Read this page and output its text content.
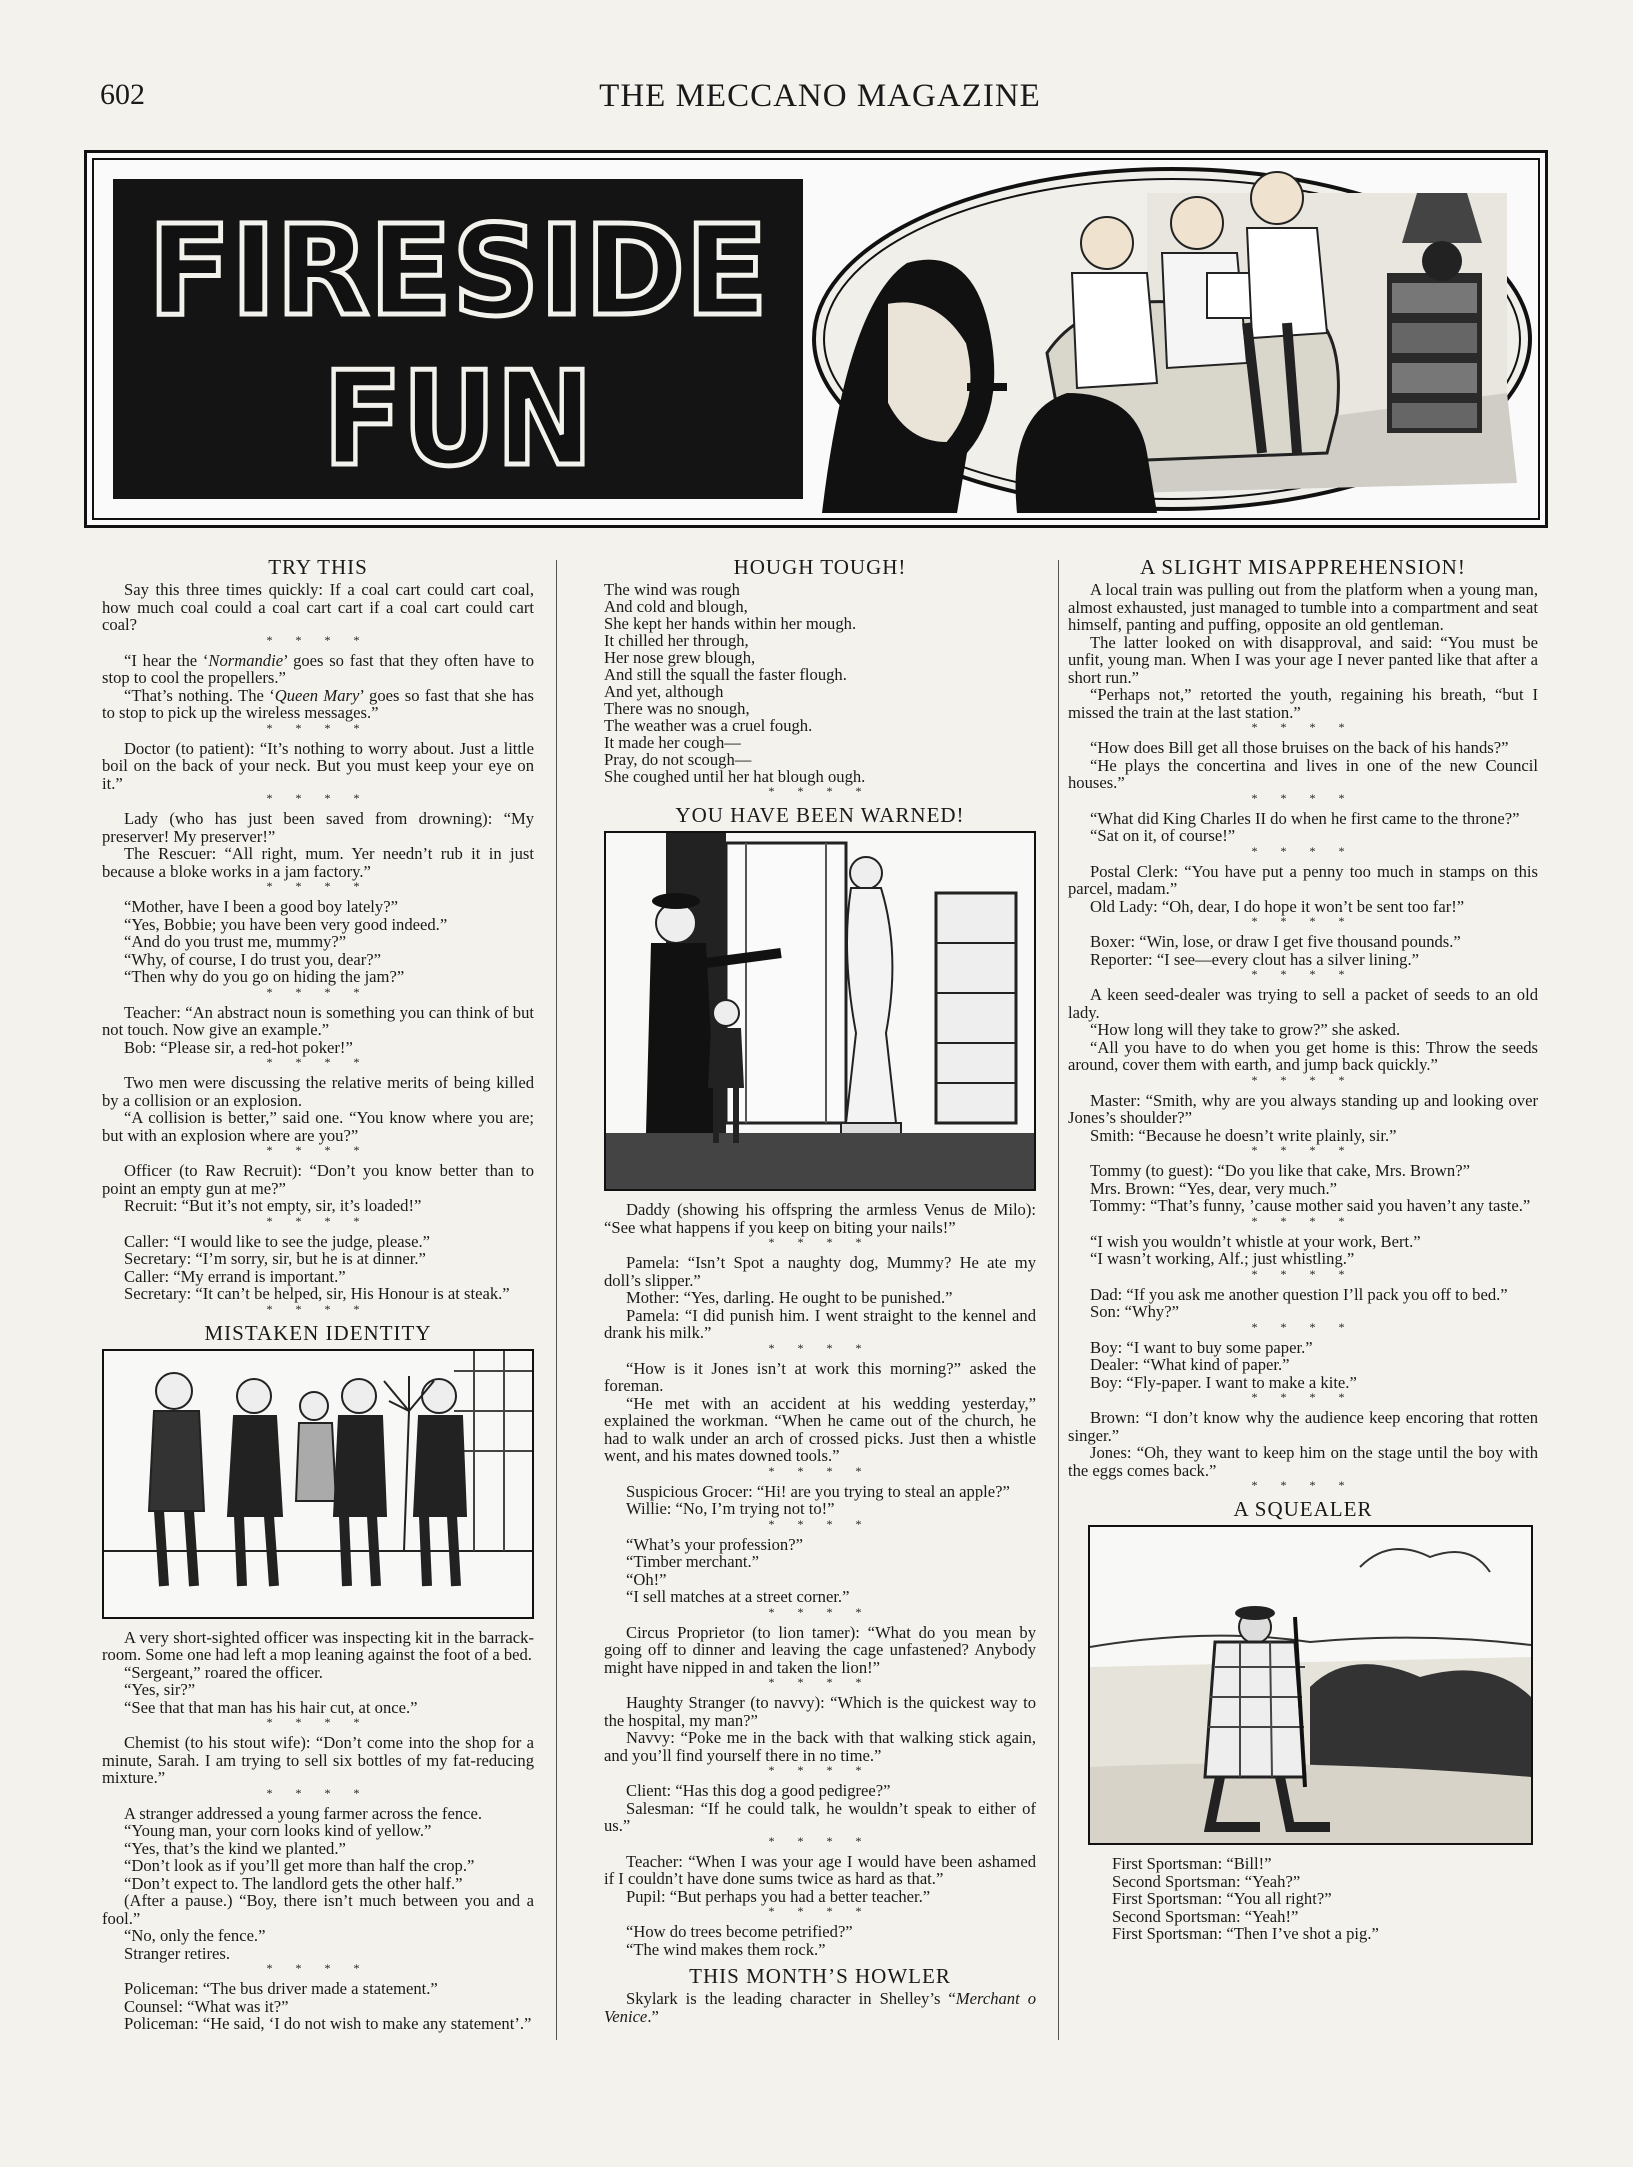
602	THE MECCANO MAGAZINE
FIRESIDE
FUN
TRY THIS

Say this three times quickly: If a coal cart could cart coal, how much coal could a coal cart cart if a coal cart could cart coal?

* * * *

“I hear the ‘Normandie’ goes so fast that they often have to stop to cool the propellers.”

“That’s nothing. The ‘Queen Mary’ goes so fast that she has to stop to pick up the wireless messages.”

* * * *

Doctor (to patient): “It’s nothing to worry about. Just a little boil on the back of your neck. But you must keep your eye on it.”

* * * *

Lady (who has just been saved from drowning): “My preserver! My preserver!”

The Rescuer: “All right, mum. Yer needn’t rub it in just because a bloke works in a jam factory.”

* * * *

“Mother, have I been a good boy lately?”

“Yes, Bobbie; you have been very good indeed.”

“And do you trust me, mummy?”

“Why, of course, I do trust you, dear?”

“Then why do you go on hiding the jam?”

* * * *

Teacher: “An abstract noun is something you can think of but not touch. Now give an example.”

Bob: “Please sir, a red-hot poker!”

* * * *

Two men were discussing the relative merits of being killed by a collision or an explosion.

“A collision is better,” said one. “You know where you are; but with an explosion where are you?”

* * * *

Officer (to Raw Recruit): “Don’t you know better than to point an empty gun at me?”

Recruit: “But it’s not empty, sir, it’s loaded!”

* * * *

Caller: “I would like to see the judge, please.”

Secretary: “I’m sorry, sir, but he is at dinner.”

Caller: “My errand is important.”

Secretary: “It can’t be helped, sir, His Honour is at steak.”

* * * *
MISTAKEN IDENTITY

A very short-sighted officer was inspecting kit in the barrack-room. Some one had left a mop leaning against the foot of a bed.

“Sergeant,” roared the officer.

“Yes, sir?”

“See that that man has his hair cut, at once.”

* * * *

Chemist (to his stout wife): “Don’t come into the shop for a minute, Sarah. I am trying to sell six bottles of my fat-reducing mixture.”

* * * *

A stranger addressed a young farmer across the fence.

“Young man, your corn looks kind of yellow.”

“Yes, that’s the kind we planted.”

“Don’t look as if you’ll get more than half the crop.”

“Don’t expect to. The landlord gets the other half.”

(After a pause.) “Boy, there isn’t much between you and a fool.”

“No, only the fence.”

Stranger retires.

* * * *

Policeman: “The bus driver made a statement.”

Counsel: “What was it?”

Policeman: “He said, ‘I do not wish to make any statement’.”

HOUGH TOUGH!
The wind was rough
And cold and blough,
She kept her hands within her mough.
It chilled her through,
Her nose grew blough,
And still the squall the faster flough.
And yet, although
There was no snough,
The weather was a cruel fough.
It made her cough—
Pray, do not scough—
She coughed until her hat blough ough.
* * * *
YOU HAVE BEEN WARNED!

Daddy (showing his offspring the armless Venus de Milo): “See what happens if you keep on biting your nails!”

* * * *

Pamela: “Isn’t Spot a naughty dog, Mummy? He ate my doll’s slipper.”

Mother: “Yes, darling. He ought to be punished.”

Pamela: “I did punish him. I went straight to the kennel and drank his milk.”

* * * *

“How is it Jones isn’t at work this morning?” asked the foreman.

“He met with an accident at his wedding yesterday,” explained the workman. “When he came out of the church, he had to walk under an arch of crossed picks. Just then a whistle went, and his mates downed tools.”

* * * *

Suspicious Grocer: “Hi! are you trying to steal an apple?”

Willie: “No, I’m trying not to!”

* * * *

“What’s your profession?”

“Timber merchant.”

“Oh!”

“I sell matches at a street corner.”

* * * *

Circus Proprietor (to lion tamer): “What do you mean by going off to dinner and leaving the cage unfastened? Anybody might have nipped in and taken the lion!”

* * * *

Haughty Stranger (to navvy): “Which is the quickest way to the hospital, my man?”

Navvy: “Poke me in the back with that walking stick again, and you’ll find yourself there in no time.”

* * * *

Client: “Has this dog a good pedigree?”

Salesman: “If he could talk, he wouldn’t speak to either of us.”

* * * *

Teacher: “When I was your age I would have been ashamed if I couldn’t have done sums twice as hard as that.”

Pupil: “But perhaps you had a better teacher.”

* * * *

“How do trees become petrified?”

“The wind makes them rock.”

THIS MONTH’S HOWLER

Skylark is the leading character in Shelley’s “Merchant o Venice.”

A SLIGHT MISAPPREHENSION!

A local train was pulling out from the platform when a young man, almost exhausted, just managed to tumble into a compartment and seat himself, panting and puffing, opposite an old gentleman.

The latter looked on with disapproval, and said: “You must be unfit, young man. When I was your age I never panted like that after a short run.”

“Perhaps not,” retorted the youth, regaining his breath, “but I missed the train at the last station.”

* * * *

“How does Bill get all those bruises on the back of his hands?”

“He plays the concertina and lives in one of the new Council houses.”

* * * *

“What did King Charles II do when he first came to the throne?”

“Sat on it, of course!”

* * * *

Postal Clerk: “You have put a penny too much in stamps on this parcel, madam.”

Old Lady: “Oh, dear, I do hope it won’t be sent too far!”

* * * *

Boxer: “Win, lose, or draw I get five thousand pounds.”

Reporter: “I see—every clout has a silver lining.”

* * * *

A keen seed-dealer was trying to sell a packet of seeds to an old lady.

“How long will they take to grow?” she asked.

“All you have to do when you get home is this: Throw the seeds around, cover them with earth, and jump back quickly.”

* * * *

Master: “Smith, why are you always standing up and looking over Jones’s shoulder?”

Smith: “Because he doesn’t write plainly, sir.”

* * * *

Tommy (to guest): “Do you like that cake, Mrs. Brown?”

Mrs. Brown: “Yes, dear, very much.”

Tommy: “That’s funny, ’cause mother said you haven’t any taste.”

* * * *

“I wish you wouldn’t whistle at your work, Bert.”

“I wasn’t working, Alf.; just whistling.”

* * * *

Dad: “If you ask me another question I’ll pack you off to bed.”

Son: “Why?”

* * * *

Boy: “I want to buy some paper.”

Dealer: “What kind of paper.”

Boy: “Fly-paper. I want to make a kite.”

* * * *

Brown: “I don’t know why the audience keep encoring that rotten singer.”

Jones: “Oh, they want to keep him on the stage until the boy with the eggs comes back.”

* * * *
A SQUEALER

First Sportsman: “Bill!”

Second Sportsman: “Yeah?”

First Sportsman: “You all right?”

Second Sportsman: “Yeah!”

First Sportsman: “Then I’ve shot a pig.”
